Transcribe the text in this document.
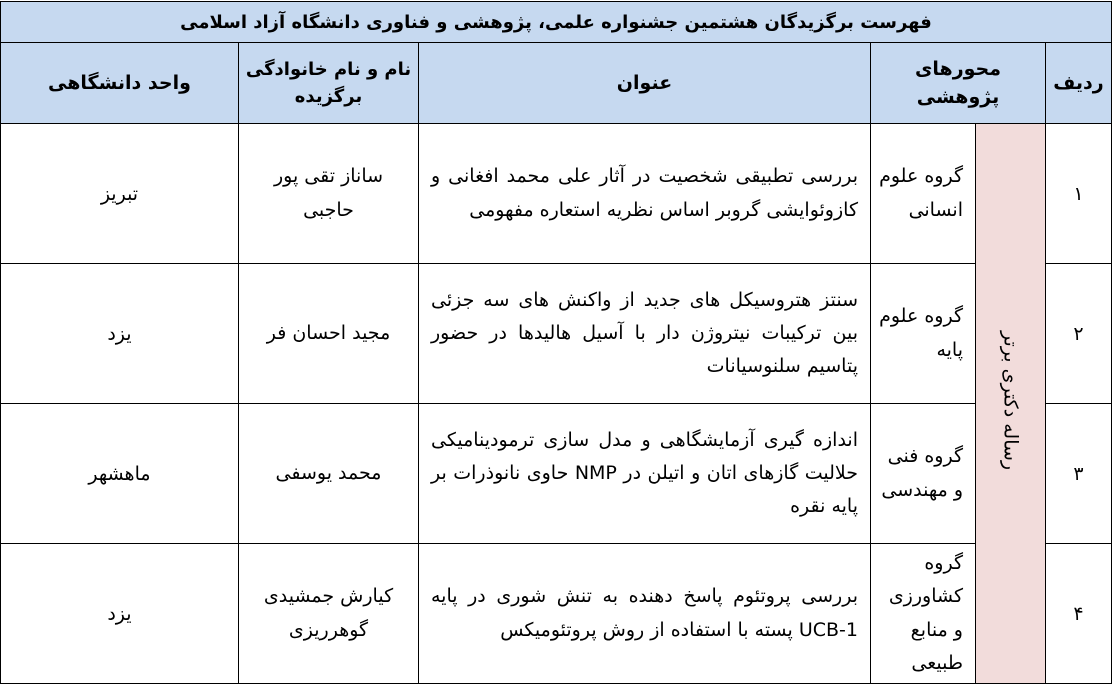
فهرست برگزیدگان هشتمین جشنواره علمی، پژوهشی و فناوری دانشگاه آزاد اسلامی					
ردیف	محورهای پژوهشی		عنوان	نام و نام خانوادگی برگزیده	واحد دانشگاهی
۱	رساله دکتری برتر	گروه علوم انسانی	بررسی تطبیقی شخصیت در آثار علی محمد افغانی و کازوئوایشی گروبر اساس نظریه استعاره مفهومی	ساناز تقی پور حاجبی	تبریز
۲		گروه علوم پایه	سنتز هتروسیکل های جدید از واکنش های سه جزئی بین ترکیبات نیتروژن دار با آسیل هالیدها در حضور پتاسیم سلنوسیانات	مجید احسان فر	یزد
۳		گروه فنی و مهندسی	اندازه گیری آزمایشگاهی و مدل سازی ترمودینامیکی حلالیت گازهای اتان و اتیلن در NMP حاوی نانوذرات بر پایه نقره	محمد یوسفی	ماهشهر
۴		گروه کشاورزی و منابع طبیعی	بررسی پروتئوم پاسخ دهنده به تنش شوری در پایه UCB-1 پسته با استفاده از روش پروتئومیکس	کیارش جمشیدی گوهرریزی	یزد
